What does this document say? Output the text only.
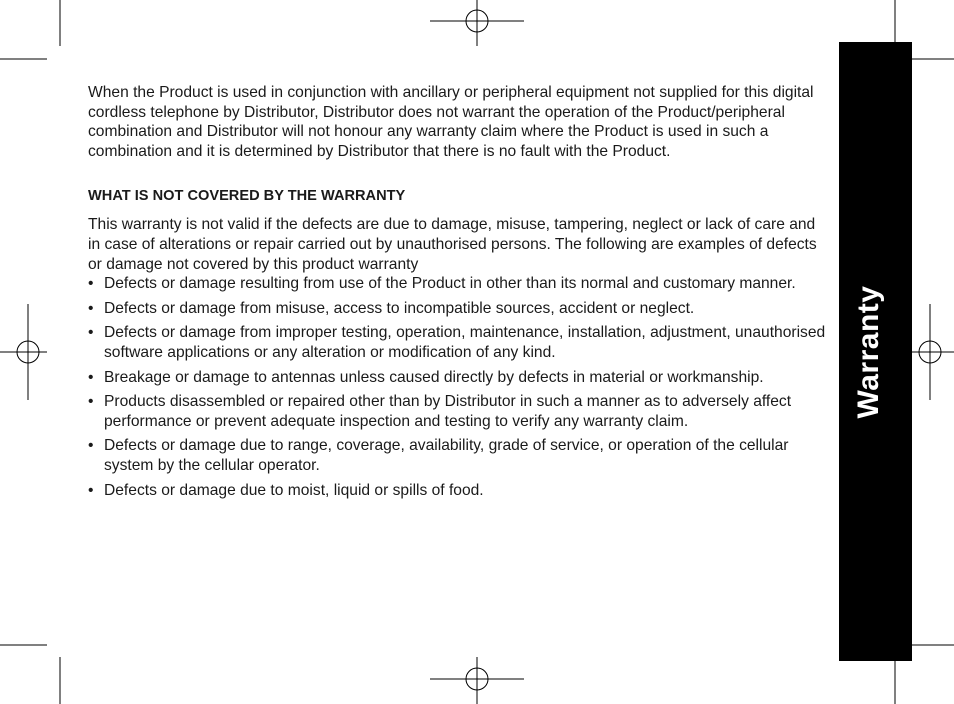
Warranty

When the Product is used in conjunction with ancillary or peripheral equipment not supplied for this digital cordless telephone by Distributor, Distributor does not warrant the operation of the Product/peripheral combination and Distributor will not honour any warranty claim where the Product is used in such a combination and it is determined by Distributor that there is no fault with the Product.

WHAT IS NOT COVERED BY THE WARRANTY

This warranty is not valid if the defects are due to damage, misuse, tampering, neglect or lack of care and in case of alterations or repair carried out by unauthorised persons. The following are examples of defects or damage not covered by this product warranty

• Defects or damage resulting from use of the Product in other than its normal and customary manner.
• Defects or damage from misuse, access to incompatible sources, accident or neglect.
• Defects or damage from improper testing, operation, maintenance, installation, adjustment, unauthorised software applications or any alteration or modification of any kind.
• Breakage or damage to antennas unless caused directly by defects in material or workmanship.
• Products disassembled or repaired other than by Distributor in such a manner as to adversely affect performance or prevent adequate inspection and testing to verify any warranty claim.
• Defects or damage due to range, coverage, availability, grade of service, or operation of the cellular system by the cellular operator.
• Defects or damage due to moist, liquid or spills of food.
